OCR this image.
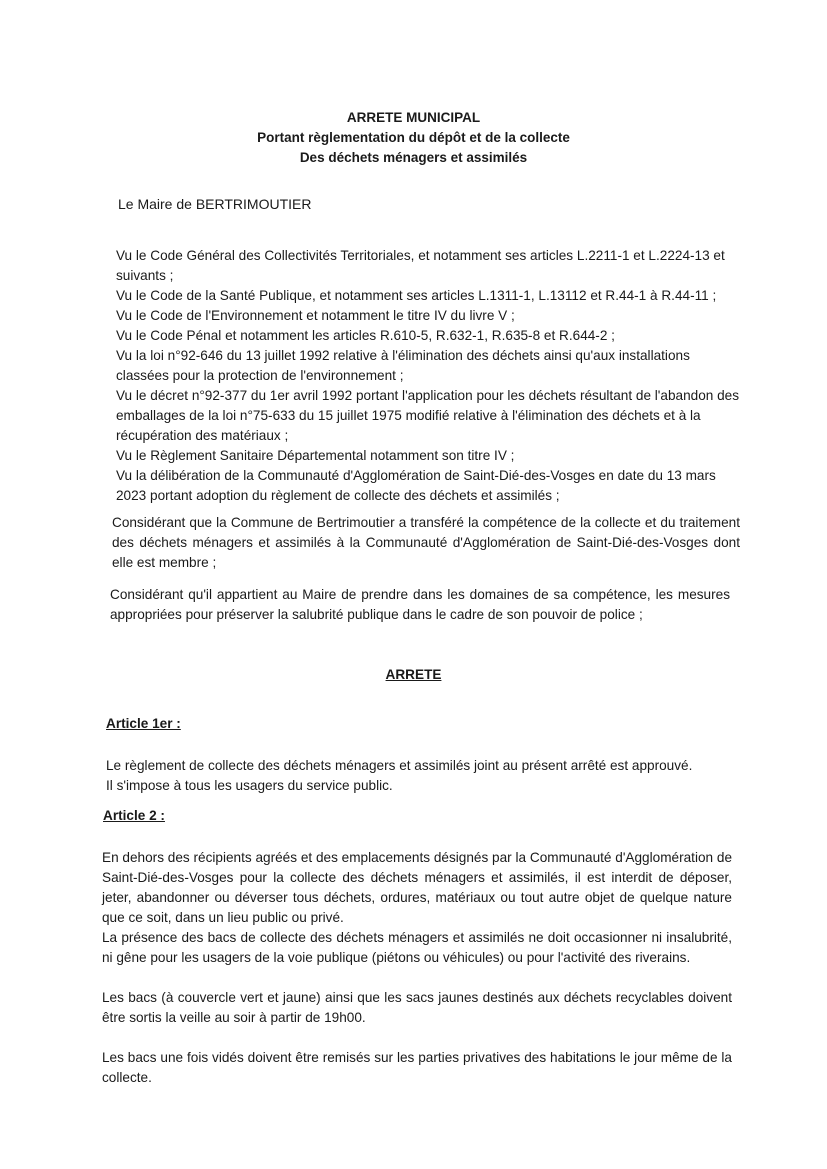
ARRETE MUNICIPAL
Portant règlementation du dépôt et de la collecte
Des déchets ménagers et assimilés
Le Maire de BERTRIMOUTIER

Vu le Code Général des Collectivités Territoriales, et notamment ses articles L.2211-1 et L.2224-13 et suivants ;

Vu le Code de la Santé Publique, et notamment ses articles L.1311-1, L.13112 et R.44-1 à R.44-11 ;

Vu le Code de l'Environnement et notamment le titre IV du livre V ;

Vu le Code Pénal et notamment les articles R.610-5, R.632-1, R.635-8 et R.644-2 ;

Vu la loi n°92-646 du 13 juillet 1992 relative à l'élimination des déchets ainsi qu'aux installations classées pour la protection de l'environnement ;

Vu le décret n°92-377 du 1er avril 1992 portant l'application pour les déchets résultant de l'abandon des emballages de la loi n°75-633 du 15 juillet 1975 modifié relative à l'élimination des déchets et à la récupération des matériaux ;

Vu le Règlement Sanitaire Départemental notamment son titre IV ;

Vu la délibération de la Communauté d'Agglomération de Saint-Dié-des-Vosges en date du 13 mars 2023 portant adoption du règlement de collecte des déchets et assimilés ;

Considérant que la Commune de Bertrimoutier a transféré la compétence de la collecte et du traitement des déchets ménagers et assimilés à la Communauté d'Agglomération de Saint-Dié-des-Vosges dont elle est membre ;
Considérant qu'il appartient au Maire de prendre dans les domaines de sa compétence, les mesures appropriées pour préserver la salubrité publique dans le cadre de son pouvoir de police ;
ARRETE
Article 1er :
Le règlement de collecte des déchets ménagers et assimilés joint au présent arrêté est approuvé.
Il s'impose à tous les usagers du service public.
Article 2 :

En dehors des récipients agréés et des emplacements désignés par la Communauté d'Agglomération de Saint-Dié-des-Vosges pour la collecte des déchets ménagers et assimilés, il est interdit de déposer, jeter, abandonner ou déverser tous déchets, ordures, matériaux ou tout autre objet de quelque nature que ce soit, dans un lieu public ou privé.

La présence des bacs de collecte des déchets ménagers et assimilés ne doit occasionner ni insalubrité, ni gêne pour les usagers de la voie publique (piétons ou véhicules) ou pour l'activité des riverains.

Les bacs (à couvercle vert et jaune) ainsi que les sacs jaunes destinés aux déchets recyclables doivent être sortis la veille au soir à partir de 19h00.

Les bacs une fois vidés doivent être remisés sur les parties privatives des habitations le jour même de la collecte.
